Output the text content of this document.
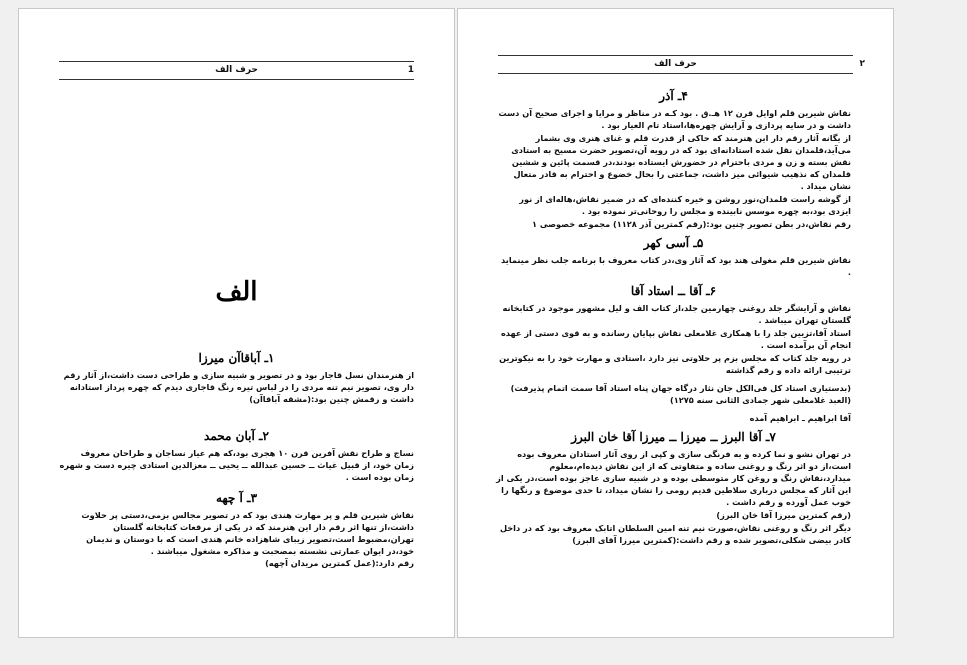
حرف الف	1
الف
۱ـ آباقاآن میرزا

از هنرمندان نسل قاجار بود و در تصویر و شبیه سازی و طراحی دست داشت،از آثار رقم دار وی، تصویر نیم تنه مردی را در لباس تیره رنگ قاجاری دیدم که چهره پرداز استادانه داشت و رقمش چنین بود:(مشقه آباقاآن)

۲ـ آبان محمد

نساج و طراح نقش آفرین قرن ۱۰ هجری بود،که هم عیار نساجان و طراحان معروف زمان خود، از قبیل غیاث ــ حسین عبدالله ــ یحیی ــ معزالدین استادی چیره دست و شهره زمان بوده است .

۳ـ آ چهه

نقاش شیرین قلم و پر مهارت هندی بود که در تصویر مجالس بزمی،دستی پر حلاوت داشت،از تنها اثر رقم دار این هنرمند که در یکی از مرقعات کتابخانه گلستان تهران،مضبوط است،تصویر زیبای شاهزاده خانم هندی است که با دوستان و ندیمان خود،در ایوان عمارتی نشسته بمصحبت و مذاکره مشغول میباشند .

رقم دارد:(عمل کمترین مریدان آچهه)

حرف الف	۲
۴ـ آذر

نقاش شیرین قلم اوایل قرن ۱۲ هـ.ق . بود کـه در مناظر و مرایا و اجرای صحیح آن دست داشت و در سایه پردازی و آرایش چهره‌ها،استاد تام العیار بود .

از یگانه آثار رقم دار این هنرمند که حاکی از قدرت قلم و غنای هنری وی بشمار می‌آید،قلمدان نقل شده استادانه‌ای بود که در رویه آن،تصویر حضرت مسیح به استادی نقش بسته و زن و مردی باحترام در حضورش ایستاده بودند،در قسمت پائین و ششین قلمدان که نذهیب شیوائی میز داشت، جماعتی را بحال خضوع و احترام به قادر متعال نشان میداد .

از گوشه راست قلمدان،نور روشن و خیره کننده‌ای که در ضمیر نقاش،هاله‌ای از نور ایزدی بود،به چهره موسس نابینده و مجلس را روحانی‌تر نموده بود .

رقم نقاش،در بطن تصویر چنین بود:(رقم کمترین آذر ۱۱۲۸) مجموعه خصوصی ۱

۵ـ آسی کهر

نقاش شیرین قلم مغولی هند بود که آثار وی،در کتاب معروف با برنامه جلب نظر مینماید .

۶ـ آقا ــ استاد آقا

نقاش و آرایشگر جلد روغنی چهارمین جلد،از کتاب الف و لیل مشهور موجود در کتابخانه گلستان تهران میباشد .

استاد آقا،تزیین جلد را با همکاری غلامعلی نقاش بپایان رسانده و به قوی دستی از عهده انجام آن برآمده است .

در رویه جلد کتاب که مجلس بزم پر حلاوتی نیز دارد ،استادی و مهارت خود را به نیکوترین ترتیبی ارائه داده و رقم گذاشته

(بدستیاری استاد کل فی‌الکل جان نثار درگاه جهان پناه استاد آقا سمت اتمام پذیرفت) (العبد غلامعلی شهر جمادی الثانی سنه ۱۲۷۵)

آقا ابراهیم ـ ابراهیم آمده

۷ـ آقا البرز ــ میرزا ــ میرزا آقا خان البرز

در تهران نشو و نما کرده و به فرنگی سازی و کپی از روی آثار استادان معروف بوده است،از دو اثر رنگ و روغنی ساده و متفاوتی که از این نقاش دیده‌ام،معلوم میدارد،نقاش رنگ و روغن کار متوسطی بوده و در شبیه سازی عاجز بوده است،در یکی از این آثار که مجلس درباری سلاطین قدیم رومی را نشان میداد، تا حدی موضوع و رنگها را خوب عمل آورده و رقم داشت .

(رقم کمترین میرزا آقا خان البرز)

دیگر اثر رنگ و روغنی نقاش،صورت نیم تنه امین السلطان اتابک معروف بود که در داخل کادر بیضی شکلی،تصویر شده و رقم داشت:(کمترین میرزا آقای البرز)
